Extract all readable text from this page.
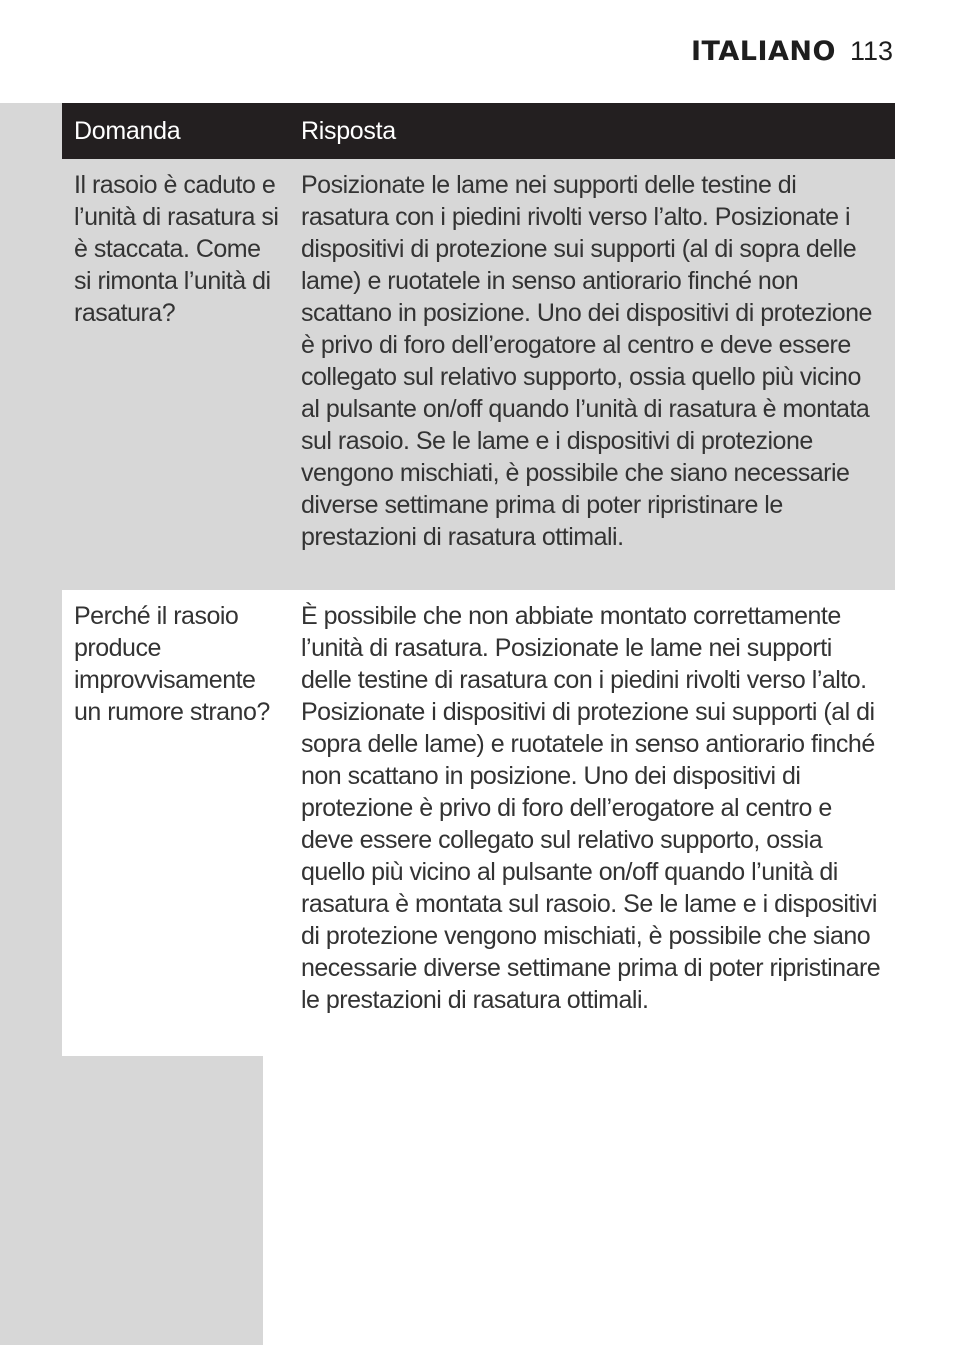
ITALIANO 113
Domanda	Risposta

Il rasoio è caduto e l’unità di rasatura si è staccata. Come si rimonta l’unità di rasatura?

Posizionate le lame nei supporti delle testine di rasatura con i piedini rivolti verso l’alto. Posizionate i dispositivi di protezione sui supporti (al di sopra delle lame) e ruotatele in senso antiorario finché non scattano in posizione. Uno dei dispositivi di protezione è privo di foro dell’erogatore al centro e deve essere collegato sul relativo supporto, ossia quello più vicino al pulsante on/off quando l’unità di rasatura è montata sul rasoio. Se le lame e i dispositivi di protezione vengono mischiati, è possibile che siano necessarie diverse settimane prima di poter ripristinare le prestazioni di rasatura ottimali.

Perché il rasoio produce improvvisamente un rumore strano?

È possibile che non abbiate montato correttamente l’unità di rasatura. Posizionate le lame nei supporti delle testine di rasatura con i piedini rivolti verso l’alto. Posizionate i dispositivi di protezione sui supporti (al di sopra delle lame) e ruotatele in senso antiorario finché non scattano in posizione. Uno dei dispositivi di protezione è privo di foro dell’erogatore al centro e deve essere collegato sul relativo supporto, ossia quello più vicino al pulsante on/off quando l’unità di rasatura è montata sul rasoio. Se le lame e i dispositivi di protezione vengono mischiati, è possibile che siano necessarie diverse settimane prima di poter ripristinare le prestazioni di rasatura ottimali.
